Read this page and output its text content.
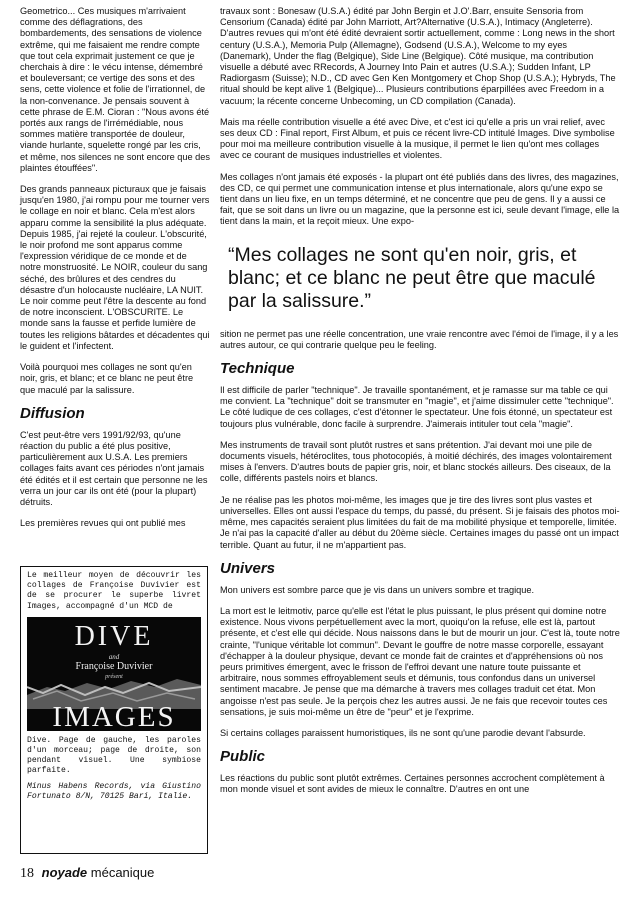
Geometrico... Ces musiques m'arrivaient comme des déflagrations, des bombardements, des sensations de violence extrême, qui me faisaient me rendre compte que tout cela exprimait justement ce que je cherchais à dire : le vécu intense, démembré et bouleversant; ce vertige des sons et des sens, cette violence et folie de l'irrationnel, de la non-convenance. Je pensais souvent à cette phrase de E.M. Cioran : "Nous avons été portés aux rangs de l'irrémédiable, nous sommes matière transportée de douleur, viande hurlante, squelette rongé par les cris, et même, nos silences ne sont encore que des plaintes étouffées".

Des grands panneaux picturaux que je faisais jusqu'en 1980, j'ai rompu pour me tourner vers le collage en noir et blanc. Cela m'est alors apparu comme la sensibilité la plus adéquate. Depuis 1985, j'ai rejeté la couleur. L'obscurité, le noir profond me sont apparus comme l'expression véridique de ce monde et de notre monstruosité. Le NOIR, couleur du sang séché, des brûlures et des cendres du désastre d'un holocauste nucléaire, LA NUIT. Le noir comme peut l'être la descente au fond de notre inconscient. L'OBSCURITE. Le monde sans la fausse et perfide lumière de toutes les religions bâtardes et décadentes qui le guident et l'infectent.

Voilà pourquoi mes collages ne sont qu'en noir, gris, et blanc; et ce blanc ne peut être que maculé par la salissure.

Diffusion

C'est peut-être vers 1991/92/93, qu'une réaction du public a été plus positive, particulièrement aux U.S.A. Les premiers collages faits avant ces périodes n'ont jamais été édités et il est certain que personne ne les verra un jour car ils ont été (pour la plupart) détruits.

Les premières revues qui ont publié mes

Le meilleur moyen de découvrir les collages de Françoise Duvivier est de se procurer le superbe livret Images, accompagné d'un MCD de

DIVE
and
Françoise Duvivier
présent
IMAGES

Dive. Page de gauche, les paroles d'un morceau; page de droite, son pendant visuel. Une symbiose parfaite.

Minus Habens Records, via Giustino Fortunato 8/N, 70125 Bari, Italie.

travaux sont : Bonesaw (U.S.A.) édité par John Bergin et J.O'.Barr, ensuite Sensoria from Censorium (Canada) édité par John Marriott, Art?Alternative (U.S.A.), Intimacy (Angleterre). D'autres revues qui m'ont été édité devraient sortir actuellement, comme : Long news in the short century (U.S.A.), Memoria Pulp (Allemagne), Godsend (U.S.A.), Welcome to my eyes (Danemark), Under the flag (Belgique), Side Line (Belgique). Côté musique, ma contribution visuelle a débuté avec RRecords, A Journey Into Pain et autres (U.S.A.); Sudden Infant, LP Radiorgasm (Suisse); N.D., CD avec Gen Ken Montgomery et Chop Shop (U.S.A.); Hybryds, The ritual should be kept alive 1 (Belgique)... Plusieurs contributions éparpillées avec Freedom in a vacuum; la récente concerne Unbecoming, un CD compilation (Canada).

Mais ma réelle contribution visuelle a été avec Dive, et c'est ici qu'elle a pris un vrai relief, avec ses deux CD : Final report, First Album, et puis ce récent livre-CD intitulé Images. Dive symbolise pour moi ma meilleure contribution visuelle à la musique, il permet le lien qu'ont mes collages avec ce courant de musiques industrielles et violentes.

Mes collages n'ont jamais été exposés - la plupart ont été publiés dans des livres, des magazines, des CD, ce qui permet une communication intense et plus internationale, alors qu'une expo se tient dans un lieu fixe, en un temps déterminé, et ne concentre que peu de gens. Il y a aussi ce fait, que se soit dans un livre ou un magazine, que la personne est ici, seule devant l'image, elle la tient dans la main, et la reçoit mieux. Une expo-

“Mes collages ne sont qu'en noir, gris, et blanc; et ce blanc ne peut être que maculé par la salissure.”

sition ne permet pas une réelle concentration, une vraie rencontre avec l'émoi de l'image, il y a les autres autour, ce qui contrarie quelque peu le feeling.

Technique

Il est difficile de parler "technique". Je travaille spontanément, et je ramasse sur ma table ce qui me convient. La "technique" doit se transmuter en "magie", et j'aime dissimuler cette "technique". Le côté ludique de ces collages, c'est d'étonner le spectateur. Une fois étonné, un spectateur est toujours plus vulnérable, donc facile à surprendre. J'aimerais intituler tout cela "magie".

Mes instruments de travail sont plutôt rustres et sans prétention. J'ai devant moi une pile de documents visuels, hétéroclites, tous photocopiés, à moitié déchirés, des images volontairement mises à l'envers. D'autres bouts de papier gris, noir, et blanc stockés ailleurs. Des ciseaux, de la colle, différents pastels noirs et blancs.

Je ne réalise pas les photos moi-même, les images que je tire des livres sont plus vastes et universelles. Elles ont aussi l'espace du temps, du passé, du présent. Si je faisais des photos moi-même, mes capacités seraient plus limitées du fait de ma mobilité physique et temporelle, limitée. Je n'ai pas la capacité d'aller au début du 20ème siècle. Certaines images du passé ont un impact terrible. Quant au futur, il ne m'appartient pas.

Univers

Mon univers est sombre parce que je vis dans un univers sombre et tragique.

La mort est le leitmotiv, parce qu'elle est l'état le plus puissant, le plus présent qui domine notre existence. Nous vivons perpétuellement avec la mort, quoiqu'on la refuse, elle est là, partout présente, et c'est elle qui décide. Nous naissons dans le but de mourir un jour. C'est là, toute notre crainte, "l'unique véritable lot commun". Devant le gouffre de notre masse corporelle, essayant d'échapper à la douleur physique, devant ce monde fait de craintes et d'appréhensions où nos peurs primitives émergent, avec le frisson de l'effroi devant une nature toute puissante et arbitraire, nous sommes effroyablement seuls et démunis, tous confondus dans un universel sentiment macabre. Je pense que ma démarche à travers mes collages traduit cet état. Mon angoisse n'est pas seule. Je la perçois chez les autres aussi. Je ne fais que recevoir toutes ces sensations, je suis moi-même un être de "peur" et je l'exprime.

Si certains collages paraissent humoristiques, ils ne sont qu'une parodie devant l'absurde.

Public

Les réactions du public sont plutôt extrêmes. Certaines personnes accrochent complètement à mon monde visuel et sont avides de mieux le connaître. D'autres en ont une

18 noyade mécanique
